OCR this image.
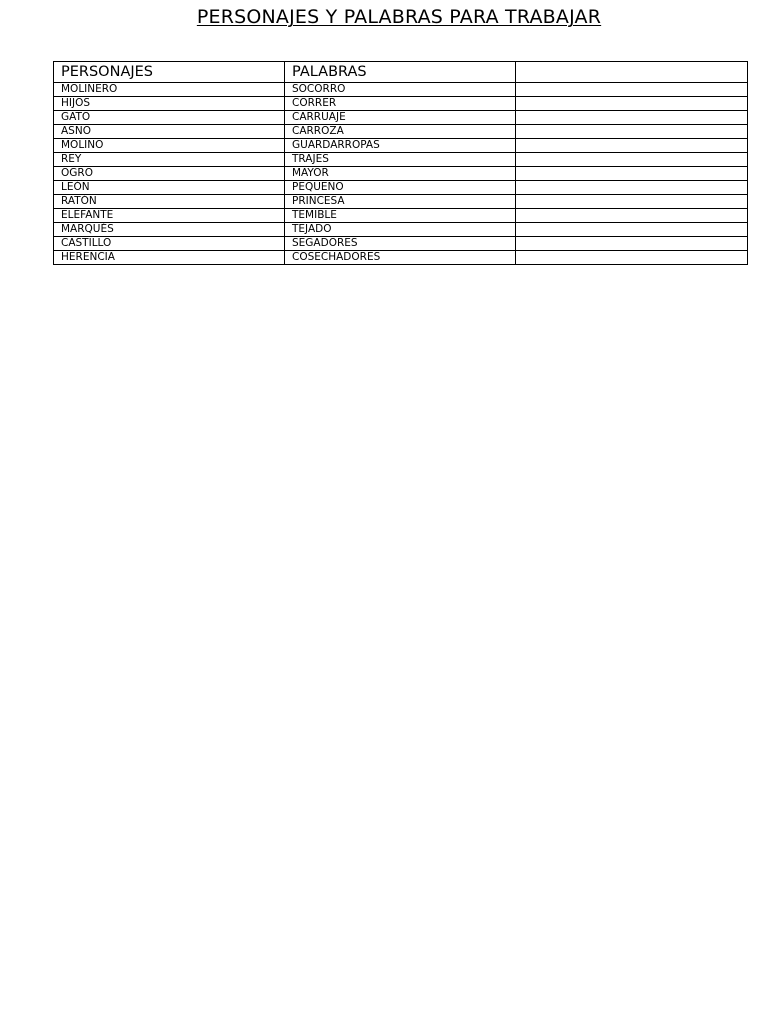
PERSONAJES Y PALABRAS PARA TRABAJAR
PERSONAJES	PALABRAS	
MOLINERO	SOCORRO	
HIJOS	CORRER	
GATO	CARRUAJE	
ASNO	CARROZA	
MOLINO	GUARDARROPAS	
REY	TRAJES	
OGRO	MAYOR	
LEÓN	PEQUEÑO	
RATÓN	PRINCESA	
ELEFANTE	TEMIBLE	
MARQUÉS	TEJADO	
CASTILLO	SEGADORES	
HERENCIA	COSECHADORES	
